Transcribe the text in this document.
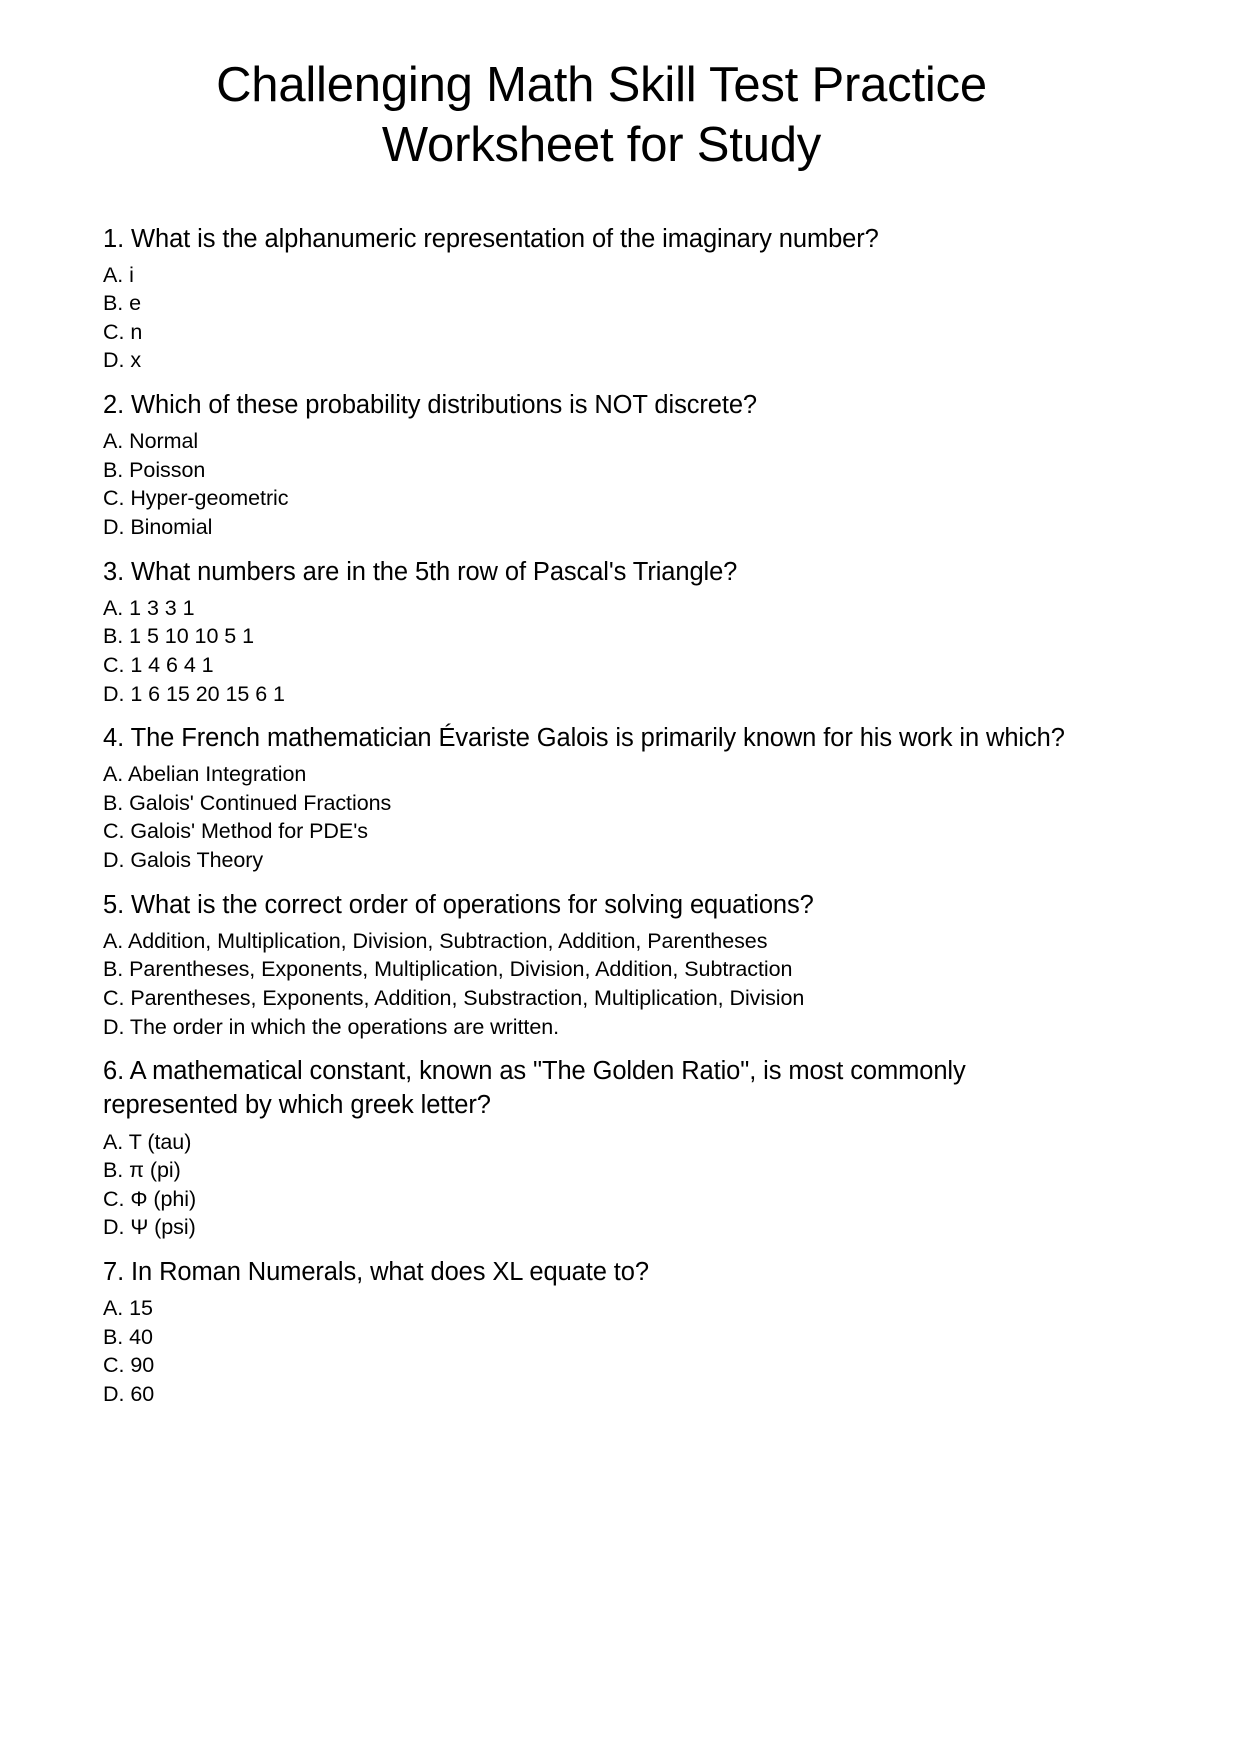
Challenging Math Skill Test Practice Worksheet for Study

1. What is the alphanumeric representation of the imaginary number?

A. i
B. e
C. n
D. x

2. Which of these probability distributions is NOT discrete?

A. Normal
B. Poisson
C. Hyper-geometric
D. Binomial

3. What numbers are in the 5th row of Pascal's Triangle?

A. 1 3 3 1
B. 1 5 10 10 5 1
C. 1 4 6 4 1
D. 1 6 15 20 15 6 1

4. The French mathematician Évariste Galois is primarily known for his work in which?

A. Abelian Integration
B. Galois' Continued Fractions
C. Galois' Method for PDE's
D. Galois Theory

5. What is the correct order of operations for solving equations?

A. Addition, Multiplication, Division, Subtraction, Addition, Parentheses
B. Parentheses, Exponents, Multiplication, Division, Addition, Subtraction
C. Parentheses, Exponents, Addition, Substraction, Multiplication, Division
D. The order in which the operations are written.

6. A mathematical constant, known as "The Golden Ratio", is most commonly represented by which greek letter?

A. T (tau)
B. π (pi)
C. Φ (phi)
D. Ψ (psi)

7. In Roman Numerals, what does XL equate to?

A. 15
B. 40
C. 90
D. 60
